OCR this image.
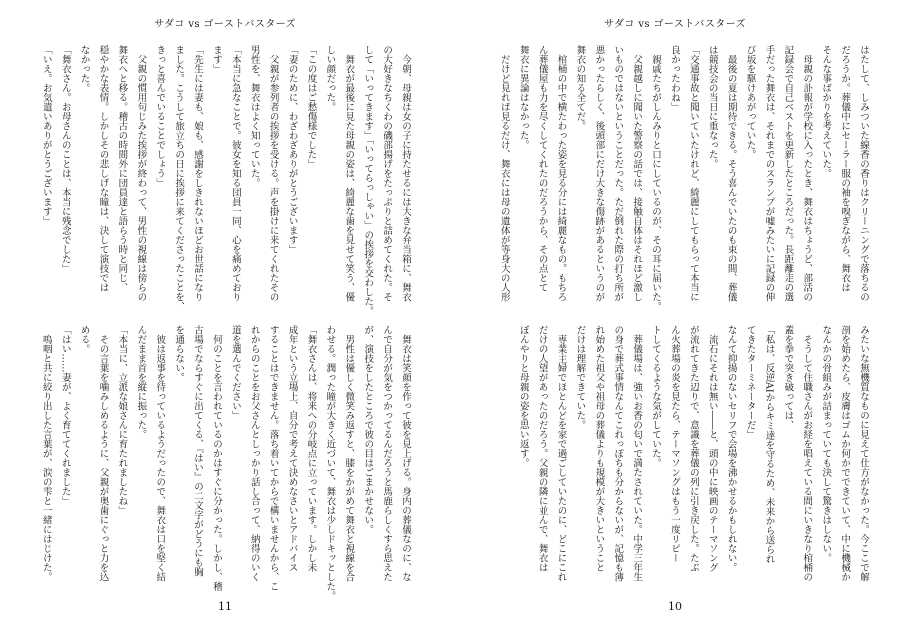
サダコ vs ゴーストバスターズ
　今朝、母親は女の子に持たせるには大きな弁当箱に、舞衣
の大好きなちくわの磯部揚げをたっぷりと詰めてくれた。そ
して「いってきます」「いってらっしゃい」の挨拶を交わした。
　舞衣が最後に見た母親の姿は、綺麗な歯を見せて笑う、優
しい顔だった。
「この度はご愁傷様でした」
「妻のために、わざわざありがとうございます」
　父親が参列者の挨拶を受ける。声を掛けに来てくれたその
男性を、舞衣はよく知っていた。
「本当に急なことで。彼女を知る団員一同、心を痛めており
ます」
「先生には妻も、娘も、感謝をしきれないほどお世話になり
ました。こうして旅立ちの日に挨拶に来てくださったことを、
きっと喜んでいることでしょう」
　父親の慣用句じみた挨拶が終わって、男性の視線は傍らの
舞衣へと移る。稽古の時間外に団員達と語らう時と同じ、
穏やかな表情。しかしその悲しげな瞳は、決して演技では
なかった。
「舞衣さん。お母さんのことは、本当に残念でした」
「いえ。お気遣いありがとうございます」
　舞衣は笑顔を作って彼を見上げる。身内の葬儀なのに、な
んで自分が気をつかってるんだろうと馬鹿らしくすら思えた
が、演技をしたところで彼の目はごまかせない。
　男性は優しく微笑み返すと、膝をかがめて舞衣と視線を合
わせる。潤った瞳が大きく近づいて、舞衣は少しドキッとした。
「舞衣さんは、将来への分岐点に立っています。しかし未
成年という立場上、自分で考えて決めなさいとアドバイス
することはできません。落ち着いてからで構いませんから、こ
れからのことをお父さんとしっかり話し合って、納得のいく
道を選んでください」
　何のことを言われているのかはすぐに分かった。しかし、稽
古場でならすぐに出てくる、『はい』の二文字がどうにも胸
を通らない。
　彼は返事を待っているようだったので、舞衣は口を堅く結
んだまま首を縦に振った。
「本当に、立派な娘さんに育たれましたね」
　その言葉を噛みしめるように、父親が奥歯にぐっと力を込
める。
「はい……妻が、よく育ててくれました」
　嗚咽と共に絞り出した言葉が、涙の雫と一緒にはじけた。
11
サダコ vs ゴーストバスターズ
はたして、しみついた線香の香りはクリーニングで落ちるの
だろうか。葬儀中にセーラー服の袖を嗅ぎながら、舞衣は
そんな事ばかりを考えていた。
　母親の訃報が学校に入ったとき、舞衣はちょうど、部活の
記録会で自己ベストを更新したところだった。長距離走の選
手だった舞衣は、それまでのスランプが嘘みたいに記録の伸
び坂を駆けあがっていた。
　最後の夏は期待できる。そう喜んでいたのも束の間、葬儀
は競技会の当日に重なった。
「交通事故と聞いていたけれど、綺麗にしてもらって本当に
良かったわね」
　親戚たちがしんみりと口にしているのが、その耳に届いた。
　父親越しに聞いた警察の話では、接触自体はそれほど激し
いものではないということだった。ただ倒れた際の打ち所が
悪かったらしく、後頭部にだけ大きな傷跡があるというのが
舞衣の知る全てだ。
　棺桶の中で横たわった姿を見る分には綺麗なもの。もちろ
ん葬儀屋も力を尽くしてくれたのだろうから、その点とて
舞衣に異論はなかった。
　だけど見れば見るだけ、舞衣には母の遺体が等身大の人形
みたいな無機質なものに見えて仕方がなかった。今ここで解
剖を始めたら、皮膚はゴムか何かでできていて、中に機械か
なんかの骨組みが詰まっていても決して驚きはしない。
　そうして住職さんがお経を唱えている間にいきなり棺桶の
蓋を拳で突き破っては、
「私は、反逆AIからキミ達を守るため、未来から送られ
てきたターミネーターだ」
なんて抑揚のないセリフで会場を沸かせるかもしれない。
　流石にそれは無い――と、頭の中に映画のテーマソング
が流れてきた辺りで、意識を葬儀の列に引き戻した。たぶ
ん火葬場の炎を見たら、テーマソングはもう一度リピー
トしてくるような気がしていた。
　葬儀場は、強いお香の匂いで満たされていた。中学三年生
の身で葬式事情なんてこれっぽちも分からないが、記憶も薄
れ始めた祖父や祖母の葬儀よりも規模が大きいということ
だけは理解できていた。
　専業主婦でほとんどを家で過ごしていたのに、どこにこれ
だけの人望があったのだろう。父親の隣に並んで、舞衣は
ぼんやりと母親の姿を思い返す。
10
